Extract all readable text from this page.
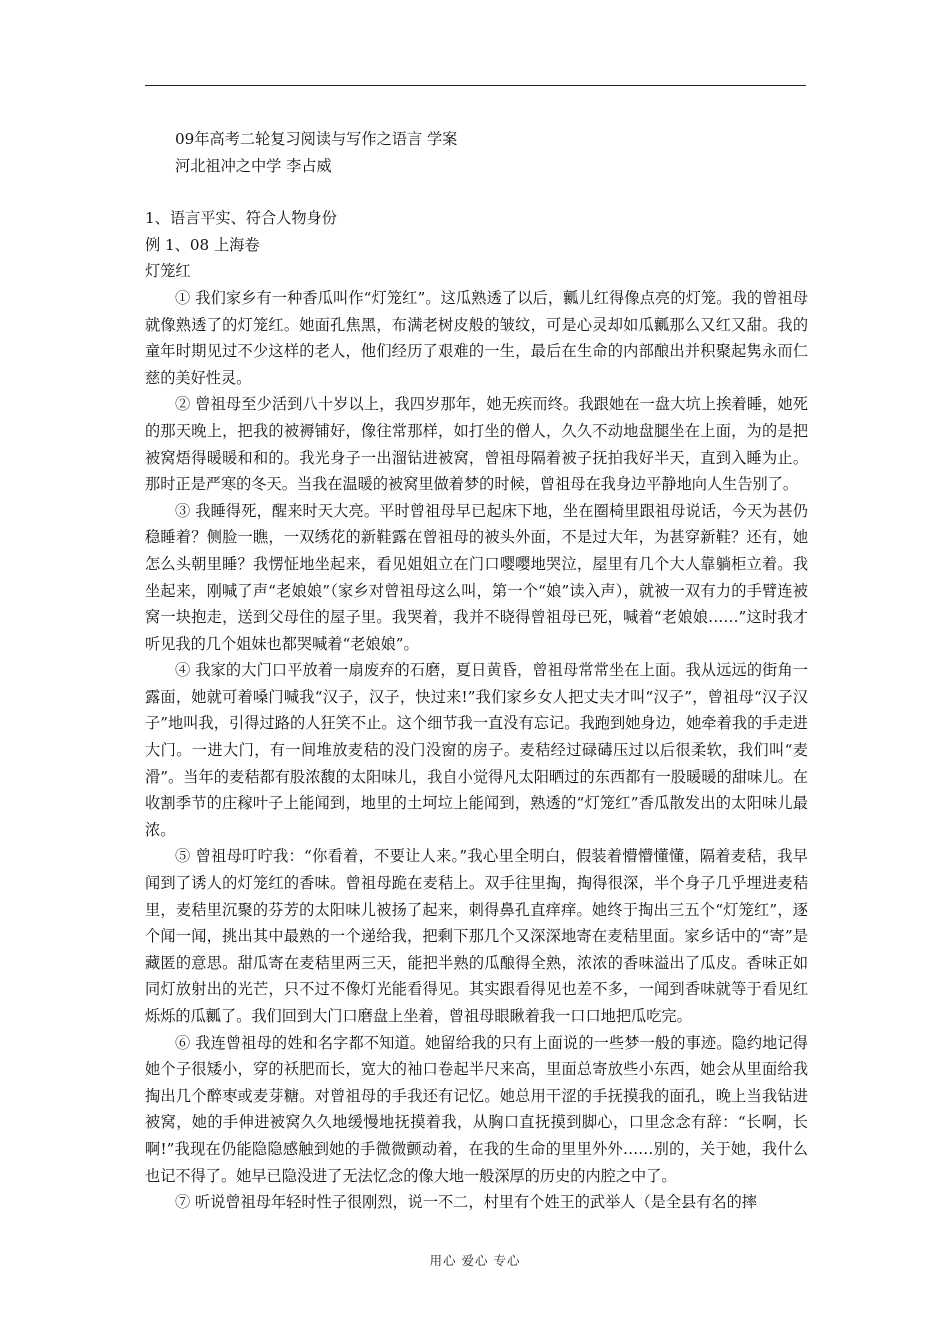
09年高考二轮复习阅读与写作之语言 学案
河北祖冲之中学 李占威
1、语言平实、符合人物身份
例 1、08 上海卷
灯笼红

① 我们家乡有一种香瓜叫作“灯笼红”。这瓜熟透了以后，瓤儿红得像点亮的灯笼。我的曾祖母就像熟透了的灯笼红。她面孔焦黑，布满老树皮般的皱纹，可是心灵却如瓜瓤那么又红又甜。我的童年时期见过不少这样的老人，他们经历了艰难的一生，最后在生命的内部酿出并积聚起隽永而仁慈的美好性灵。

② 曾祖母至少活到八十岁以上，我四岁那年，她无疾而终。我跟她在一盘大坑上挨着睡，她死的那天晚上，把我的被褥铺好，像往常那样，如打坐的僧人，久久不动地盘腿坐在上面，为的是把被窝焐得暖暖和和的。我光身子一出溜钻进被窝，曾祖母隔着被子抚拍我好半天，直到入睡为止。那时正是严寒的冬天。当我在温暖的被窝里做着梦的时候，曾祖母在我身边平静地向人生告别了。

③ 我睡得死，醒来时天大亮。平时曾祖母早已起床下地，坐在圈椅里跟祖母说话，今天为甚仍稳睡着？侧脸一瞧，一双绣花的新鞋露在曾祖母的被头外面，不是过大年，为甚穿新鞋？还有，她怎么头朝里睡？我愣怔地坐起来，看见姐姐立在门口嘤嘤地哭泣，屋里有几个大人靠躺柜立着。我坐起来，刚喊了声“老娘娘”（家乡对曾祖母这么叫，第一个“娘”读入声），就被一双有力的手臂连被窝一块抱走，送到父母住的屋子里。我哭着，我并不晓得曾祖母已死，喊着“老娘娘……”这时我才听见我的几个姐妹也都哭喊着“老娘娘”。

④ 我家的大门口平放着一扇废弃的石磨，夏日黄昏，曾祖母常常坐在上面。我从远远的街角一露面，她就可着嗓门喊我“汉子，汉子，快过来!”我们家乡女人把丈夫才叫“汉子”，曾祖母“汉子汉子”地叫我，引得过路的人狂笑不止。这个细节我一直没有忘记。我跑到她身边，她牵着我的手走进大门。一进大门，有一间堆放麦秸的没门没窗的房子。麦秸经过碌碡压过以后很柔软，我们叫“麦滑”。当年的麦秸都有股浓馥的太阳味儿，我自小觉得凡太阳晒过的东西都有一股暖暖的甜味儿。在收割季节的庄稼叶子上能闻到，地里的土坷垃上能闻到，熟透的“灯笼红”香瓜散发出的太阳味儿最浓。

⑤ 曾祖母叮咛我：“你看着，不要让人来。”我心里全明白，假装着懵懵懂懂，隔着麦秸，我早闻到了诱人的灯笼红的香味。曾祖母跪在麦秸上。双手往里掏，掏得很深，半个身子几乎埋进麦秸里，麦秸里沉聚的芬芳的太阳味儿被扬了起来，刺得鼻孔直痒痒。她终于掏出三五个“灯笼红”，逐个闻一闻，挑出其中最熟的一个递给我，把剩下那几个又深深地寄在麦秸里面。家乡话中的“寄”是藏匿的意思。甜瓜寄在麦秸里两三天，能把半熟的瓜酿得全熟，浓浓的香味溢出了瓜皮。香味正如同灯放射出的光芒，只不过不像灯光能看得见。其实跟看得见也差不多，一闻到香味就等于看见红烁烁的瓜瓤了。我们回到大门口磨盘上坐着，曾祖母眼瞅着我一口口地把瓜吃完。

⑥ 我连曾祖母的姓和名字都不知道。她留给我的只有上面说的一些梦一般的事迹。隐约地记得她个子很矮小，穿的袄肥而长，宽大的袖口卷起半尺来高，里面总寄放些小东西，她会从里面给我掏出几个醉枣或麦芽糖。对曾祖母的手我还有记忆。她总用干涩的手抚摸我的面孔，晚上当我钻进被窝，她的手伸进被窝久久地缓慢地抚摸着我，从胸口直抚摸到脚心，口里念念有辞：“长啊，长啊!”我现在仍能隐隐感触到她的手微微颤动着，在我的生命的里里外外……别的，关于她，我什么也记不得了。她早已隐没进了无法忆念的像大地一般深厚的历史的内腔之中了。

⑦ 听说曾祖母年轻时性子很刚烈，说一不二，村里有个姓王的武举人（是全县有名的摔

用心 爱心 专心
